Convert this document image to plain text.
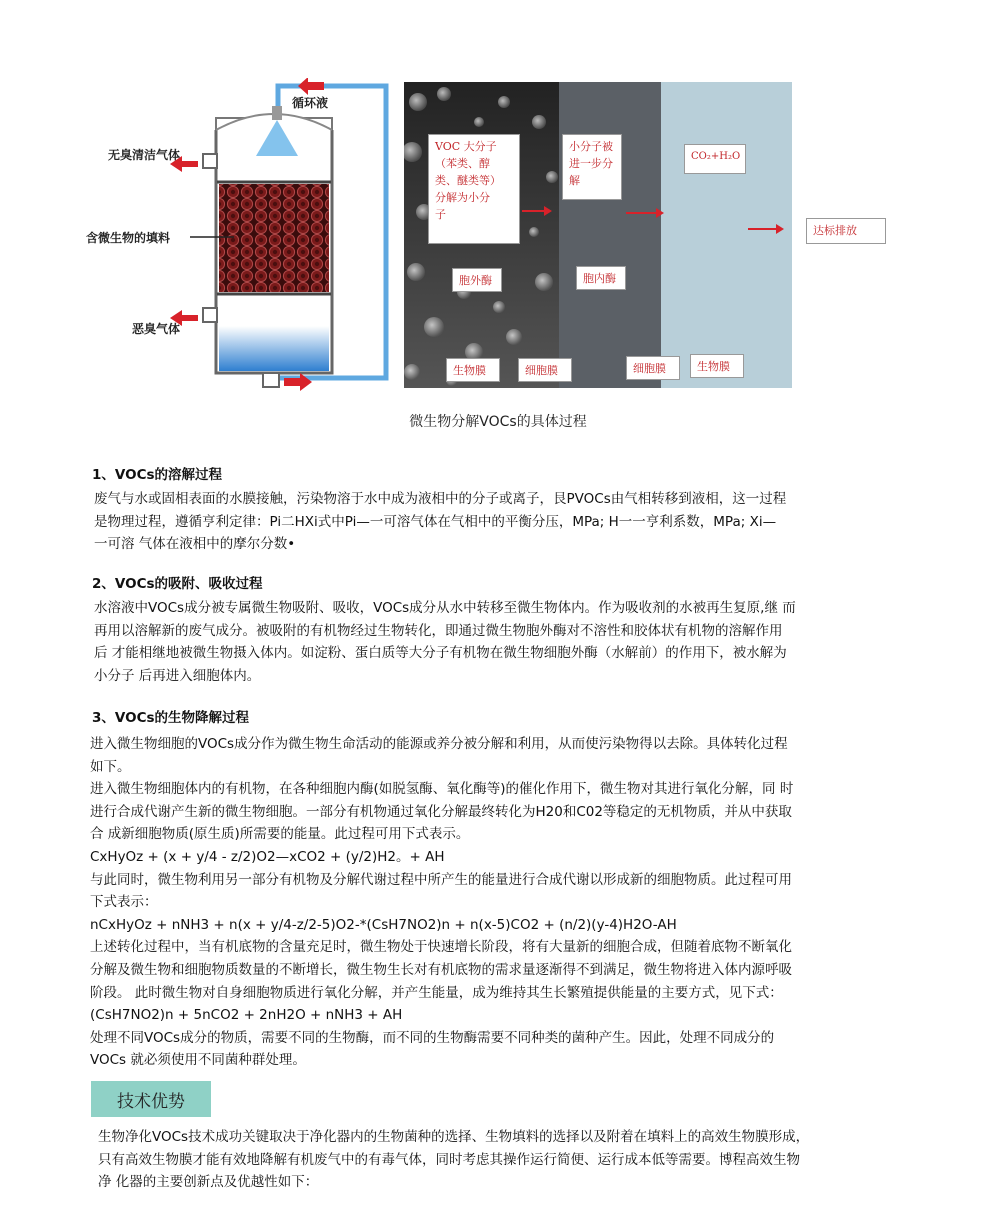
循环液
无臭清洁气体
含微生物的填料
恶臭气体
VOC 大分子
（苯类、醇
类、醚类等）
分解为小分
子
小分子被
进一步分
解
CO₂+H₂O
胞外酶	胞内酶
生物膜	细胞膜	细胞膜	生物膜
达标排放
微生物分解VOCs的具体过程
1、VOCs的溶解过程
废气与水或固相表面的水膜接触，污染物溶于水中成为液相中的分子或离子，艮PVOCs由气相转移到液相，这一过程
是物理过程，遵循亨利定律：Pi二HXi式中Pi—一可溶气体在气相中的平衡分压，MPa; H一一亨利系数，MPa; Xi—
一可溶 气体在液相中的摩尔分数•
2、VOCs的吸附、吸收过程
水溶液中VOCs成分被专属微生物吸附、吸收，VOCs成分从水中转移至微生物体内。作为吸收剂的水被再生复原,继 而
再用以溶解新的废气成分。被吸附的有机物经过生物转化，即通过微生物胞外酶对不溶性和胶体状有机物的溶解作用
后 才能相继地被微生物摄入体内。如淀粉、蛋白质等大分子有机物在微生物细胞外酶（水解前）的作用下，被水解为
小分子 后再进入细胞体内。
3、VOCs的生物降解过程
进入微生物细胞的VOCs成分作为微生物生命活动的能源或养分被分解和利用，从而使污染物得以去除。具体转化过程
如下。
进入微生物细胞体内的有机物，在各种细胞内酶(如脱氢酶、氧化酶等)的催化作用下，微生物对其进行氧化分解，同 时
进行合成代谢产生新的微生物细胞。一部分有机物通过氧化分解最终转化为H20和C02等稳定的无机物质，并从中获取
合 成新细胞物质(原生质)所需要的能量。此过程可用下式表示。
CxHyOz + (x + y/4 - z/2)O2—xCO2 + (y/2)H2。+ AH
与此同时，微生物利用另一部分有机物及分解代谢过程中所产生的能量进行合成代谢以形成新的细胞物质。此过程可用
下式表示：
nCxHyOz + nNH3 + n(x + y/4-z/2-5)O2-*(CsH7NO2)n + n(x-5)CO2 + (n/2)(y-4)H2O-AH
上述转化过程中，当有机底物的含量充足时，微生物处于快速增长阶段，将有大量新的细胞合成，但随着底物不断氧化
分解及微生物和细胞物质数量的不断增长，微生物生长对有机底物的需求量逐渐得不到满足，微生物将进入体内源呼吸
阶段。 此时微生物对自身细胞物质进行氧化分解，并产生能量，成为维持其生长繁殖提供能量的主要方式，见下式：
(CsH7NO2)n + 5nCO2 + 2nH2O + nNH3 + AH
处理不同VOCs成分的物质，需要不同的生物酶，而不同的生物酶需要不同种类的菌种产生。因此，处理不同成分的
VOCs 就必须使用不同菌种群处理。
技术优势
生物净化VOCs技术成功关键取决于净化器内的生物菌种的选择、生物填料的选择以及附着在填料上的高效生物膜形成，
只有高效生物膜才能有效地降解有机废气中的有毒气体，同时考虑其操作运行简便、运行成本低等需要。博程高效生物
净 化器的主要创新点及优越性如下：
